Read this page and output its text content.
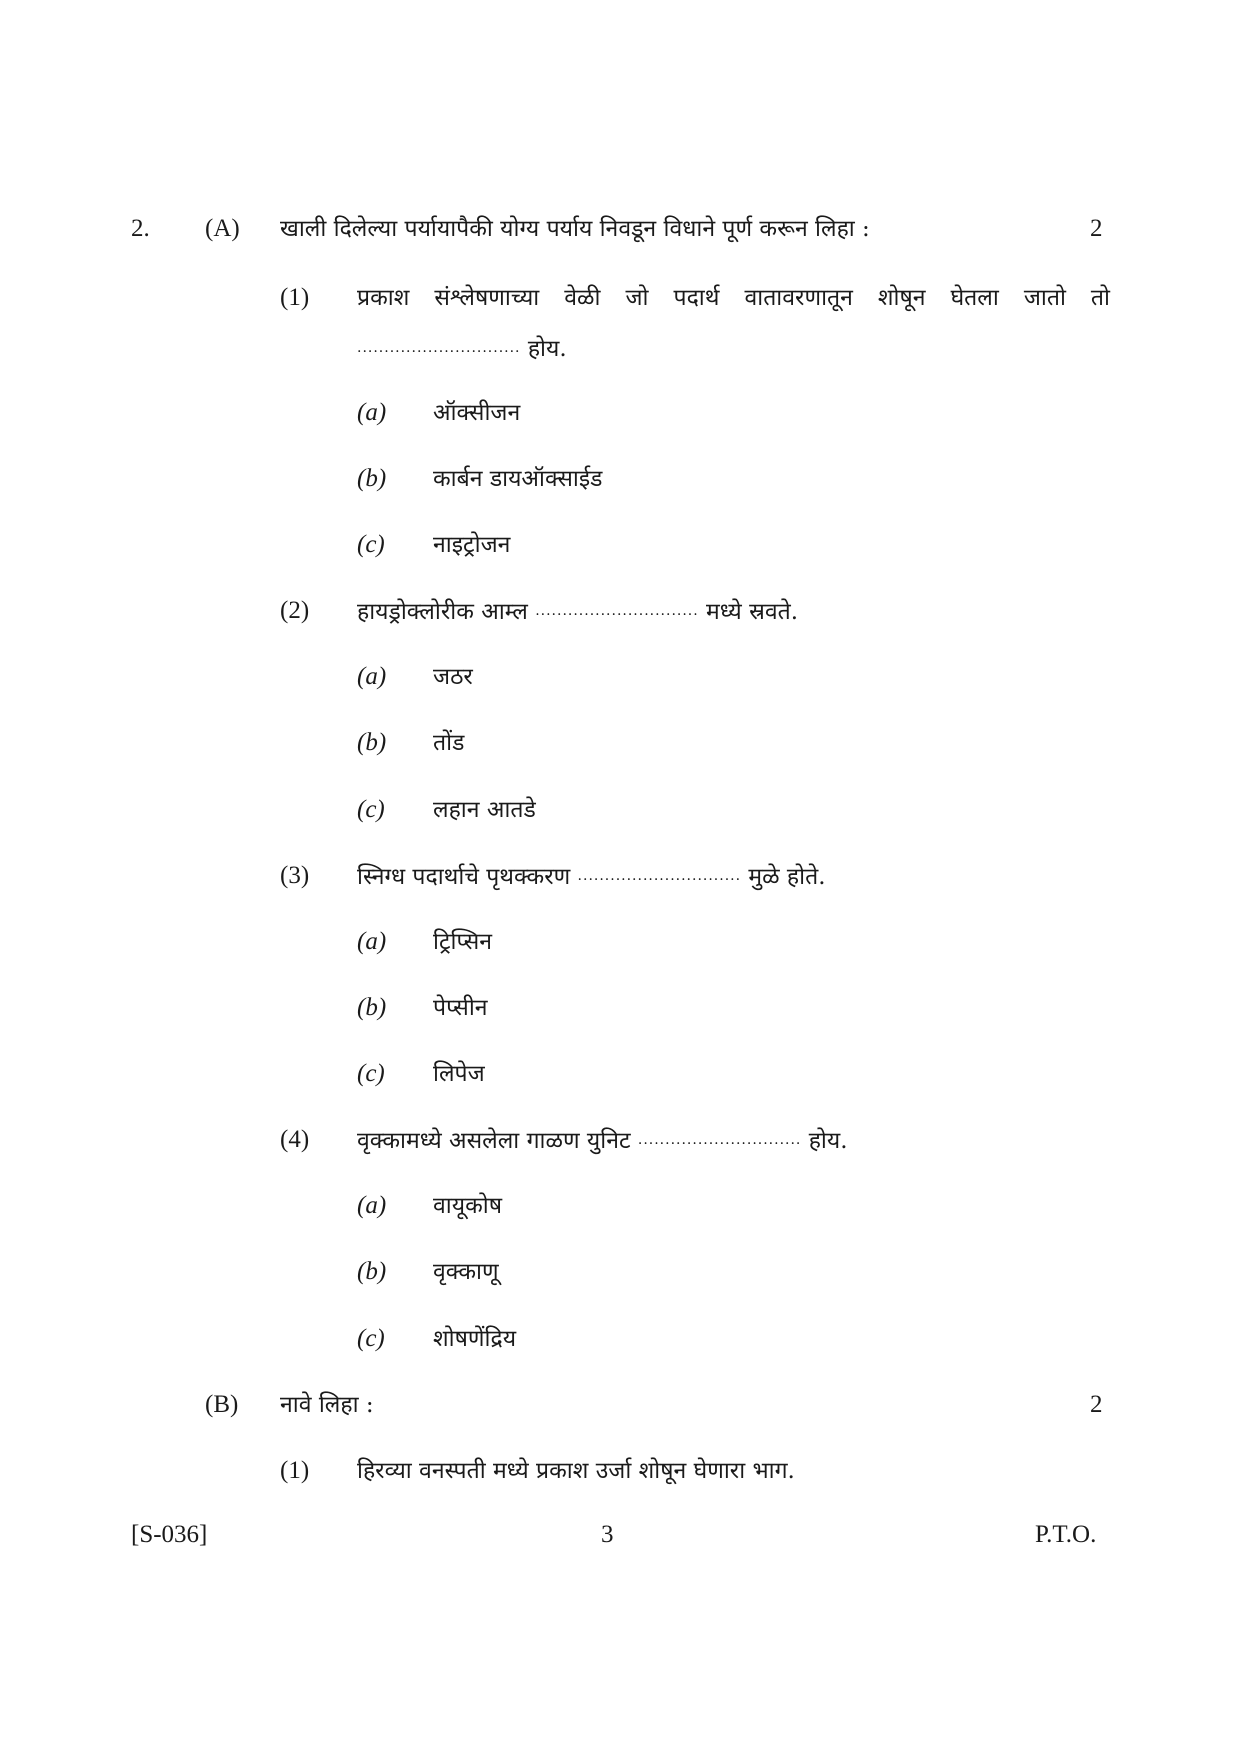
2. (A) खाली दिलेल्या पर्यायापैकी योग्य पर्याय निवडून विधाने पूर्ण करून लिहा :	2
(1) प्रकाश संश्लेषणाच्या वेळी जो पदार्थ वातावरणातून शोषून घेतला जातो तो
.............................. होय.
(a) ऑक्सीजन
(b) कार्बन डायऑक्साईड
(c) नाइट्रोजन
(2) हायड्रोक्लोरीक आम्ल .............................. मध्ये स्रवते.
(a) जठर
(b) तोंड
(c) लहान आतडे
(3) स्निग्ध पदार्थाचे पृथक्करण .............................. मुळे होते.
(a) ट्रिप्सिन
(b) पेप्सीन
(c) लिपेज
(4) वृक्कामध्ये असलेला गाळण युनिट .............................. होय.
(a) वायूकोष
(b) वृक्काणू
(c) शोषणेंद्रिय
(B) नावे लिहा :	2
(1) हिरव्या वनस्पती मध्ये प्रकाश उर्जा शोषून घेणारा भाग.
[S-036]	3	P.T.O.
